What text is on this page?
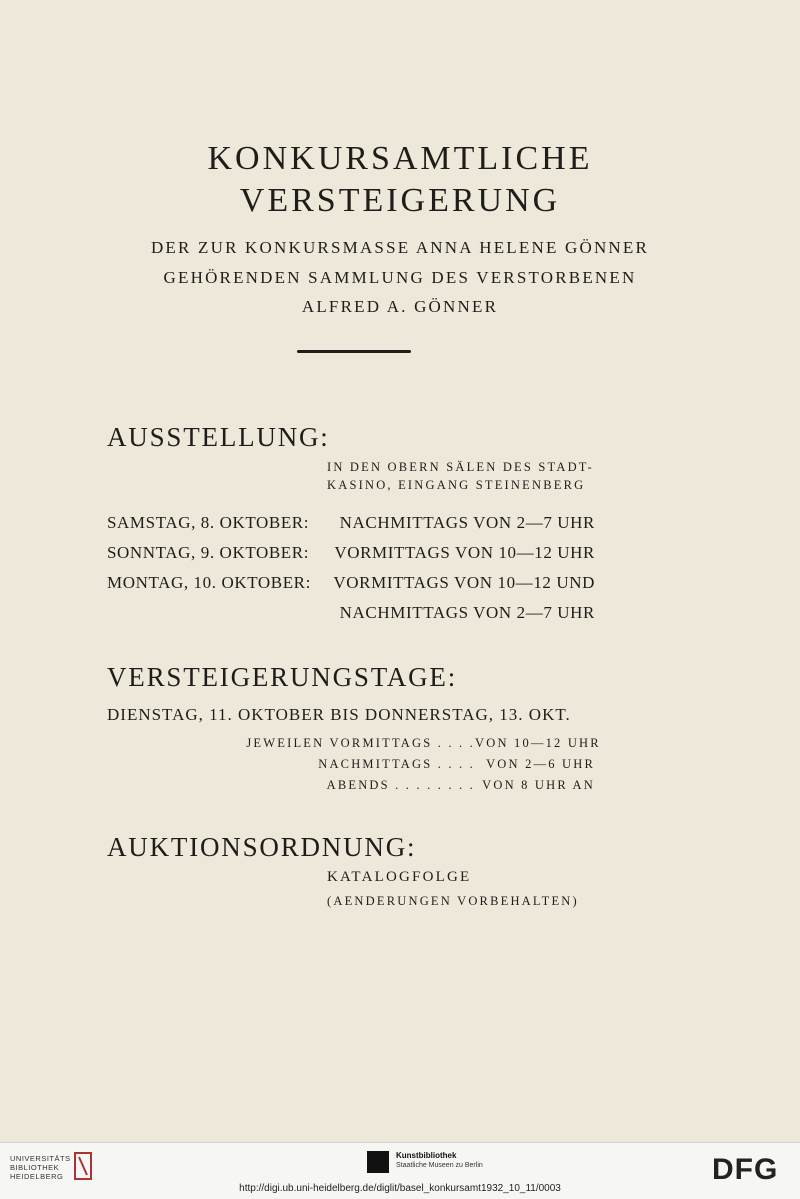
KONKURSAMTLICHE
VERSTEIGERUNG
DER ZUR KONKURSMASSE ANNA HELENE GÖNNER
GEHÖRENDEN SAMMLUNG DES VERSTORBENEN
ALFRED A. GÖNNER
AUSSTELLUNG:
IN DEN OBERN SÄLEN DES STADT-
KASINO, EINGANG STEINENBERG
SAMSTAG, 8. OKTOBER:	NACHMITTAGS VON 2—7 UHR
SONNTAG, 9. OKTOBER:	VORMITTAGS VON 10—12 UHR
MONTAG, 10. OKTOBER:	VORMITTAGS VON 10—12 UND
NACHMITTAGS VON 2—7 UHR
VERSTEIGERUNGSTAGE:
DIENSTAG, 11. OKTOBER BIS DONNERSTAG, 13. OKT.
JEWEILEN VORMITTAGS . . . . VON 10—12 UHR
NACHMITTAGS . . . . VON 2—6 UHR
ABENDS . . . . . . . . VON 8 UHR AN
AUKTIONSORDNUNG:
KATALOGFOLGE
(AENDERUNGEN VORBEHALTEN)
UNIVERSITÄTS
BIBLIOTHEK
HEIDELBERG
Kunstbibliothek
Staatliche Museen zu Berlin	DFG
http://digi.ub.uni-heidelberg.de/diglit/basel_konkursamt1932_10_11/0003
